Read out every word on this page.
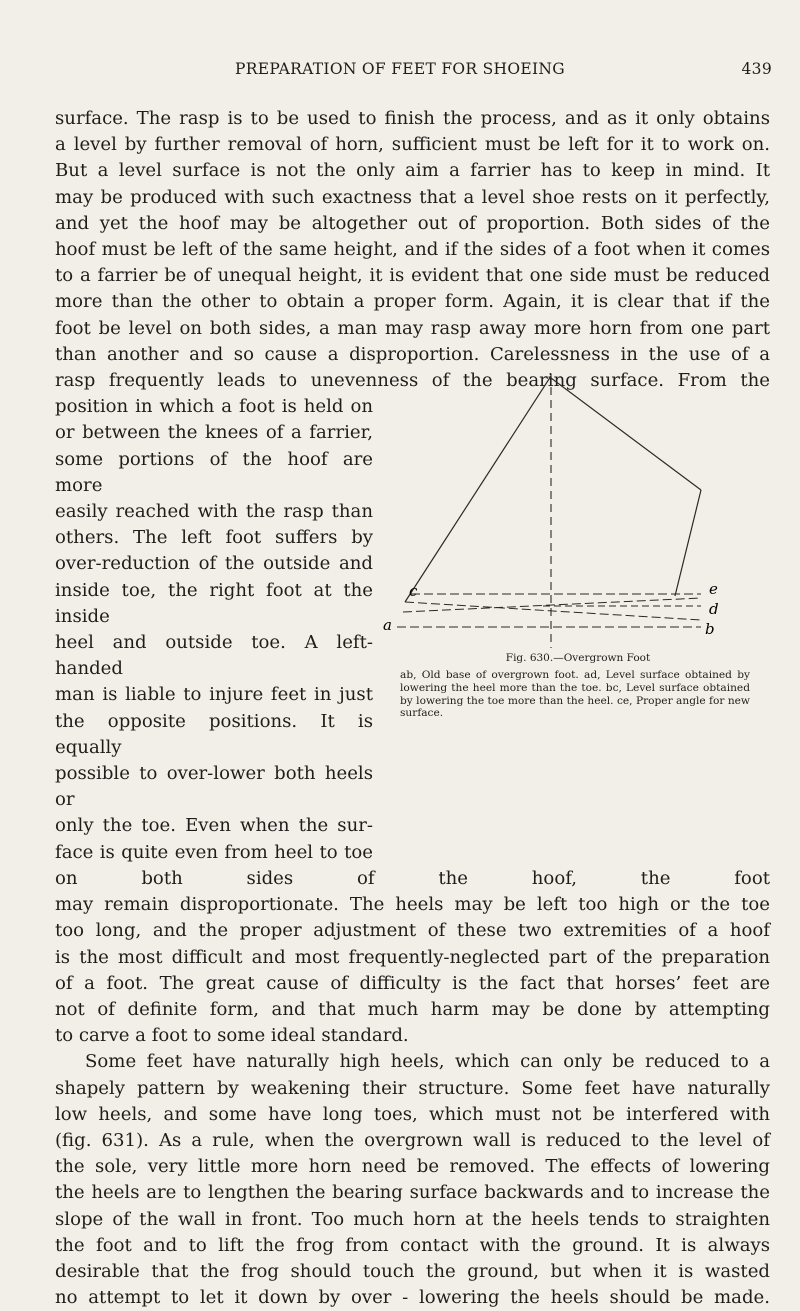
PREPARATION OF FEET FOR SHOEING	439

surface. The rasp is to be used to finish the process, and as it only obtains

a level by further removal of horn, sufficient must be left for it to work on.

But a level surface is not the only aim a farrier has to keep in mind. It

may be produced with such exactness that a level shoe rests on it perfectly,

and yet the hoof may be altogether out of proportion. Both sides of the

hoof must be left of the same height, and if the sides of a foot when it comes

to a farrier be of unequal height, it is evident that one side must be reduced

more than the other to obtain a proper form. Again, it is clear that if the

foot be level on both sides, a man may rasp away more horn from one part

than another and so cause a disproportion. Carelessness in the use of a

rasp frequently leads to unevenness of the bearing surface. From the

position in which a foot is held on

or between the knees of a farrier,

some portions of the hoof are more

easily reached with the rasp than

others. The left foot suffers by

over-reduction of the outside and

inside toe, the right foot at the inside

heel and outside toe. A left-handed

man is liable to injure feet in just

the opposite positions. It is equally

possible to over-lower both heels or

only the toe. Even when the sur-

face is quite even from heel to toe

on both sides of the hoof, the foot

may remain disproportionate. The heels may be left too high or the toe

too long, and the proper adjustment of these two extremities of a hoof

is the most difficult and most frequently-neglected part of the preparation

of a foot. The great cause of difficulty is the fact that horses’ feet are

not of definite form, and that much harm may be done by attempting

to carve a foot to some ideal standard.

Some feet have naturally high heels, which can only be reduced to a

shapely pattern by weakening their structure. Some feet have naturally

low heels, and some have long toes, which must not be interfered with

(fig. 631). As a rule, when the overgrown wall is reduced to the level of

the sole, very little more horn need be removed. The effects of lowering

the heels are to lengthen the bearing surface backwards and to increase the

slope of the wall in front. Too much horn at the heels tends to straighten

the foot and to lift the frog from contact with the ground. It is always

desirable that the frog should touch the ground, but when it is wasted

no attempt to let it down by over - lowering the heels should be made.

a	b
c
d
e
Fig. 630.—Overgrown Foot
ab, Old base of overgrown foot. ad, Level surface obtained by lowering the heel more than the toe. bc, Level surface obtained by lowering the toe more than the heel. ce, Proper angle for new surface.
